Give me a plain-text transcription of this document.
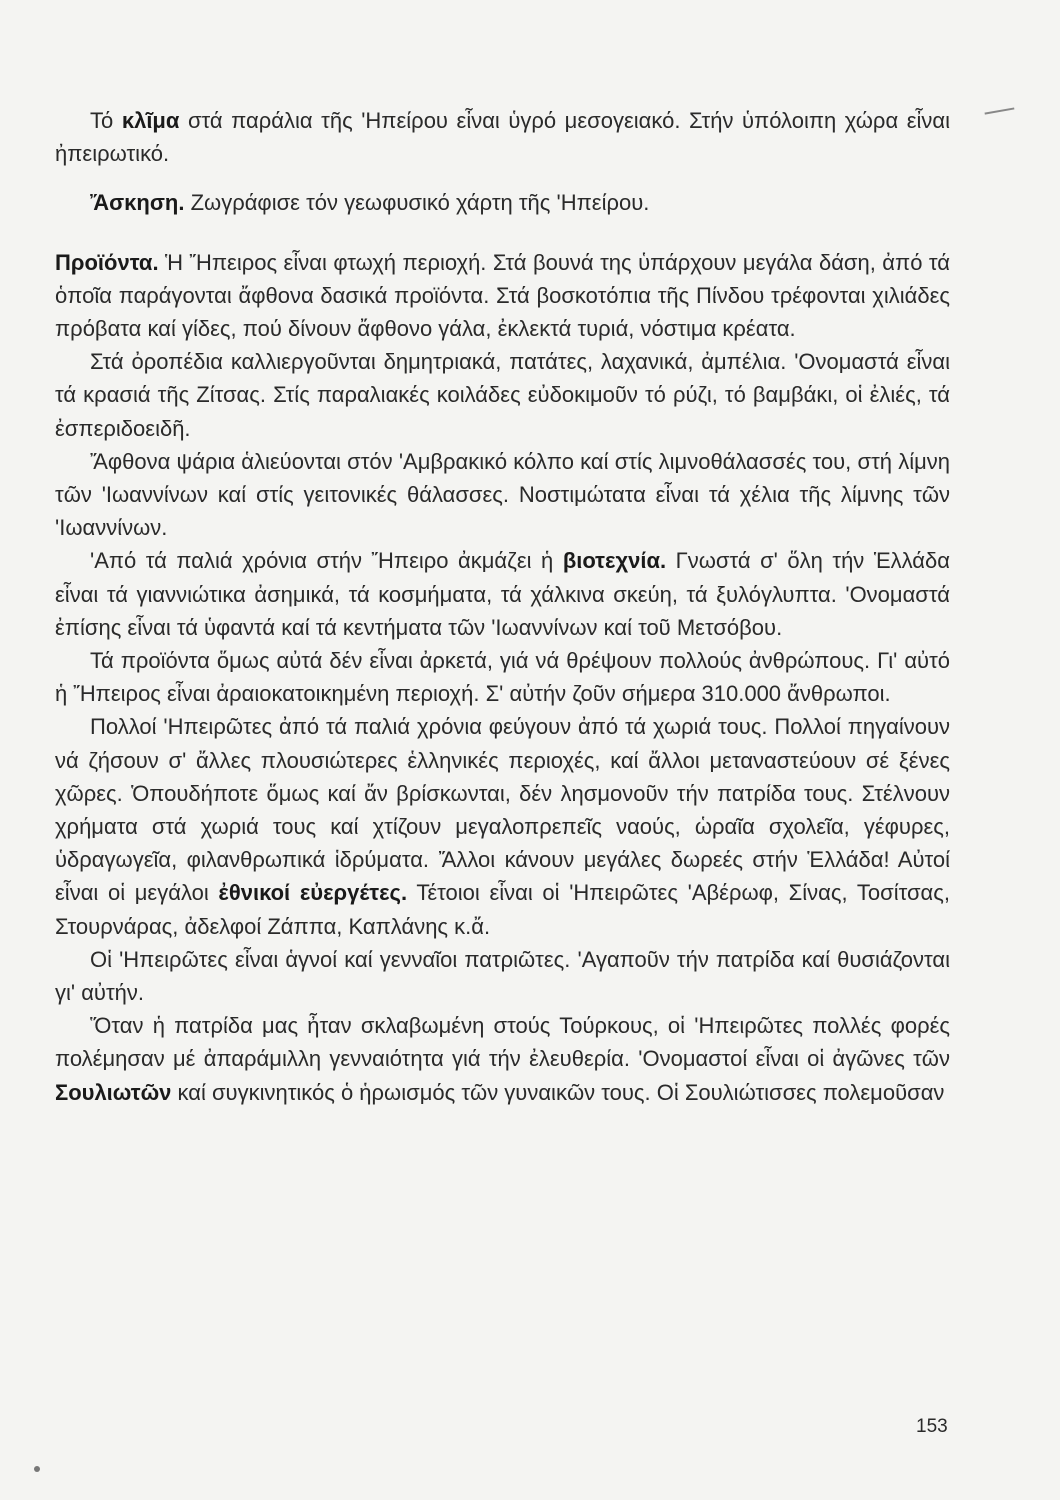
Τό κλῖμα στά παράλια τῆς 'Ηπείρου εἶναι ὑγρό μεσογειακό. Στήν ὑπόλοιπη χώρα εἶναι ἠπειρωτικό.

Ἄσκηση. Ζωγράφισε τόν γεωφυσικό χάρτη τῆς 'Ηπείρου.

Προϊόντα. Ἡ Ἤπειρος εἶναι φτωχή περιοχή. Στά βουνά της ὑπάρχουν μεγάλα δάση, ἀπό τά ὁποῖα παράγονται ἄφθονα δασικά προϊόντα. Στά βοσκοτόπια τῆς Πίνδου τρέφονται χιλιάδες πρόβατα καί γίδες, πού δίνουν ἄφθονο γάλα, ἐκλεκτά τυριά, νόστιμα κρέατα.

Στά ὀροπέδια καλλιεργοῦνται δημητριακά, πατάτες, λαχανικά, ἀμπέλια. 'Ονομαστά εἶναι τά κρασιά τῆς Ζίτσας. Στίς παραλιακές κοιλάδες εὐδοκιμοῦν τό ρύζι, τό βαμβάκι, οἱ ἐλιές, τά ἐσπεριδοειδῆ.

Ἄφθονα ψάρια ἁλιεύονται στόν 'Αμβρακικό κόλπο καί στίς λιμνοθάλασσές του, στή λίμνη τῶν 'Ιωαννίνων καί στίς γειτονικές θάλασσες. Νοστιμώτατα εἶναι τά χέλια τῆς λίμνης τῶν 'Ιωαννίνων.

'Από τά παλιά χρόνια στήν Ἤπειρο ἀκμάζει ἡ βιοτεχνία. Γνωστά σ' ὅλη τήν Ἑλλάδα εἶναι τά γιαννιώτικα ἀσημικά, τά κοσμήματα, τά χάλκινα σκεύη, τά ξυλόγλυπτα. 'Ονομαστά ἐπίσης εἶναι τά ὑφαντά καί τά κεντήματα τῶν 'Ιωαννίνων καί τοῦ Μετσόβου.

Τά προϊόντα ὅμως αὐτά δέν εἶναι ἀρκετά, γιά νά θρέψουν πολλούς ἀνθρώπους. Γι' αὐτό ἡ Ἤπειρος εἶναι ἀραιοκατοικημένη περιοχή. Σ' αὐτήν ζοῦν σήμερα 310.000 ἄνθρωποι.

Πολλοί 'Ηπειρῶτες ἀπό τά παλιά χρόνια φεύγουν ἀπό τά χωριά τους. Πολλοί πηγαίνουν νά ζήσουν σ' ἄλλες πλουσιώτερες ἑλληνικές περιοχές, καί ἄλλοι μεταναστεύουν σέ ξένες χῶρες. Ὁπουδήποτε ὅμως καί ἄν βρίσκωνται, δέν λησμονοῦν τήν πατρίδα τους. Στέλνουν χρήματα στά χωριά τους καί χτίζουν μεγαλοπρεπεῖς ναούς, ὡραῖα σχολεῖα, γέφυρες, ὑδραγωγεῖα, φιλανθρωπικά ἱδρύματα. Ἄλλοι κάνουν μεγάλες δωρεές στήν Ἑλλάδα! Αὐτοί εἶναι οἱ μεγάλοι ἐθνικοί εὐεργέτες. Τέτοιοι εἶναι οἱ 'Ηπειρῶτες 'Αβέρωφ, Σίνας, Τοσίτσας, Στουρνάρας, ἀδελφοί Ζάππα, Καπλάνης κ.ἄ.

Οἱ 'Ηπειρῶτες εἶναι ἁγνοί καί γενναῖοι πατριῶτες. 'Αγαποῦν τήν πατρίδα καί θυσιάζονται γι' αὐτήν.

Ὅταν ἡ πατρίδα μας ἦταν σκλαβωμένη στούς Τούρκους, οἱ 'Ηπειρῶτες πολλές φορές πολέμησαν μέ ἀπαράμιλλη γενναιότητα γιά τήν ἐλευθερία. 'Ονομαστοί εἶναι οἱ ἀγῶνες τῶν Σουλιωτῶν καί συγκινητικός ὁ ἡρωισμός τῶν γυναικῶν τους. Οἱ Σουλιώτισσες πολεμοῦσαν

153
